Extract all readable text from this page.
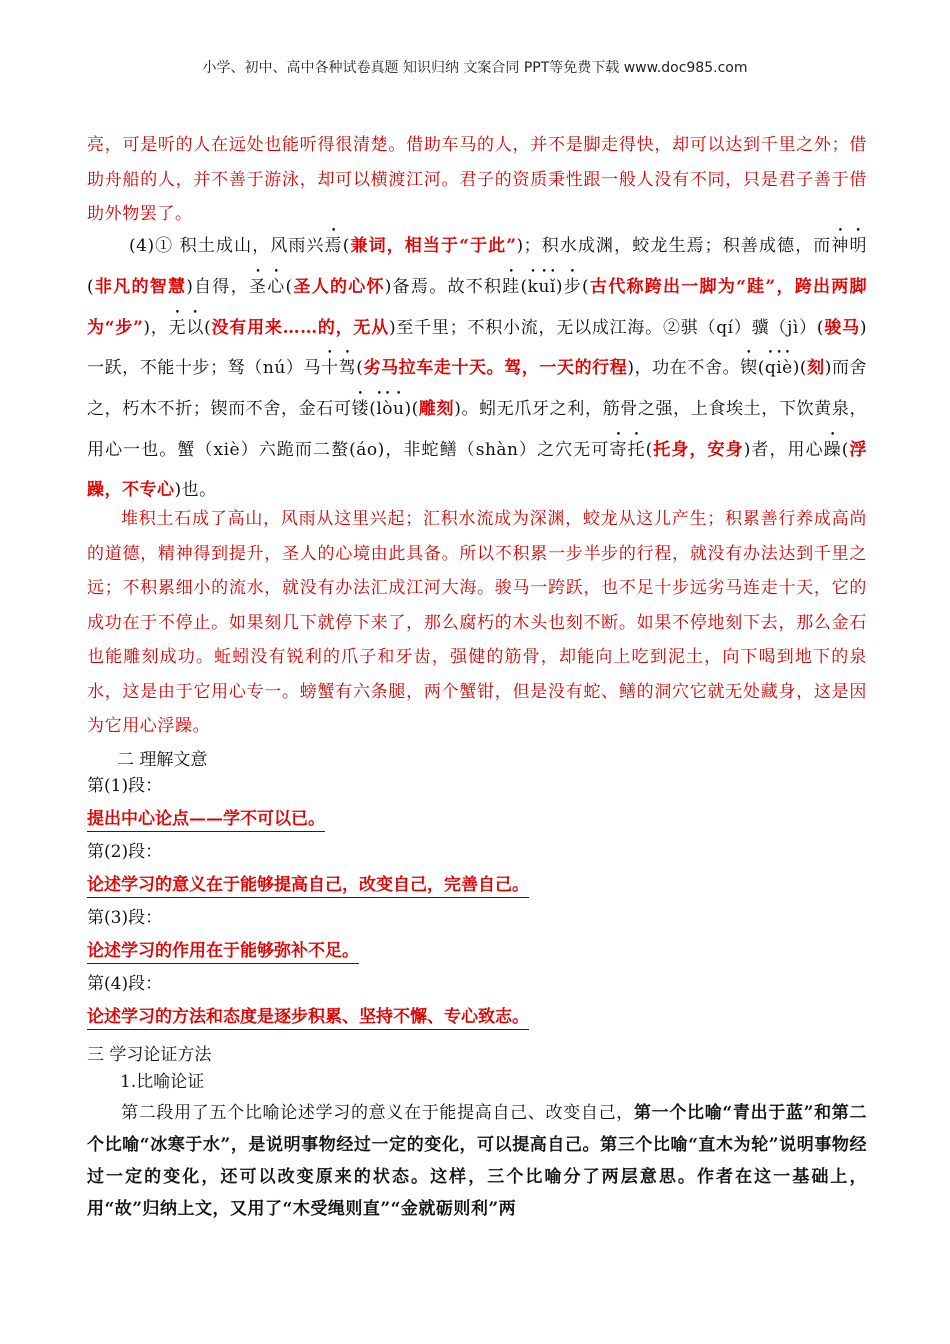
小学、初中、高中各种试卷真题 知识归纳 文案合同 PPT等免费下载 www.doc985.com

亮，可是听的人在远处也能听得很清楚。借助车马的人，并不是脚走得快，却可以达到千里之外；借助舟船的人，并不善于游泳，却可以横渡江河。君子的资质秉性跟一般人没有不同，只是君子善于借助外物罢了。

(4)① 积土成山，风雨兴焉(兼词，相当于“于此”)；积水成渊，蛟龙生焉；积善成德，而神明(非凡的智慧)自得，圣心(圣人的心怀)备焉。故不积跬(kuǐ)步(古代称跨出一脚为“跬”，跨出两脚为“步”)，无以(没有用来……的，无从)至千里；不积小流，无以成江海。②骐（qí）骥（jì）(骏马)一跃，不能十步；驽（nú）马十驾(劣马拉车走十天。驾，一天的行程)，功在不舍。锲(qiè)(刻)而舍之，朽木不折；锲而不舍，金石可镂(lòu)(雕刻)。蚓无爪牙之利，筋骨之强，上食埃土，下饮黄泉，用心一也。蟹（xiè）六跪而二螯(áo)，非蛇鳝（shàn）之穴无可寄托(托身，安身)者，用心躁(浮躁，不专心)也。

堆积土石成了高山，风雨从这里兴起；汇积水流成为深渊，蛟龙从这儿产生；积累善行养成高尚的道德，精神得到提升，圣人的心境由此具备。所以不积累一步半步的行程，就没有办法达到千里之远；不积累细小的流水，就没有办法汇成江河大海。骏马一跨跃，也不足十步远劣马连走十天，它的成功在于不停止。如果刻几下就停下来了，那么腐朽的木头也刻不断。如果不停地刻下去，那么金石也能雕刻成功。蚯蚓没有锐利的爪子和牙齿，强健的筋骨，却能向上吃到泥土，向下喝到地下的泉水，这是由于它用心专一。螃蟹有六条腿，两个蟹钳，但是没有蛇、鳝的洞穴它就无处藏身，这是因为它用心浮躁。

二 理解文意
第(1)段：
提出中心论点——学不可以已。
第(2)段：
论述学习的意义在于能够提高自己，改变自己，完善自己。
第(3)段：
论述学习的作用在于能够弥补不足。
第(4)段：
论述学习的方法和态度是逐步积累、坚持不懈、专心致志。
三 学习论证方法
1.比喻论证

第二段用了五个比喻论述学习的意义在于能提高自己、改变自己，第一个比喻“青出于蓝”和第二个比喻“冰寒于水”，是说明事物经过一定的变化，可以提高自己。第三个比喻“直木为轮”说明事物经过一定的变化，还可以改变原来的状态。这样，三个比喻分了两层意思。作者在这一基础上，用“故”归纳上文，又用了“木受绳则直”“金就砺则利”两
